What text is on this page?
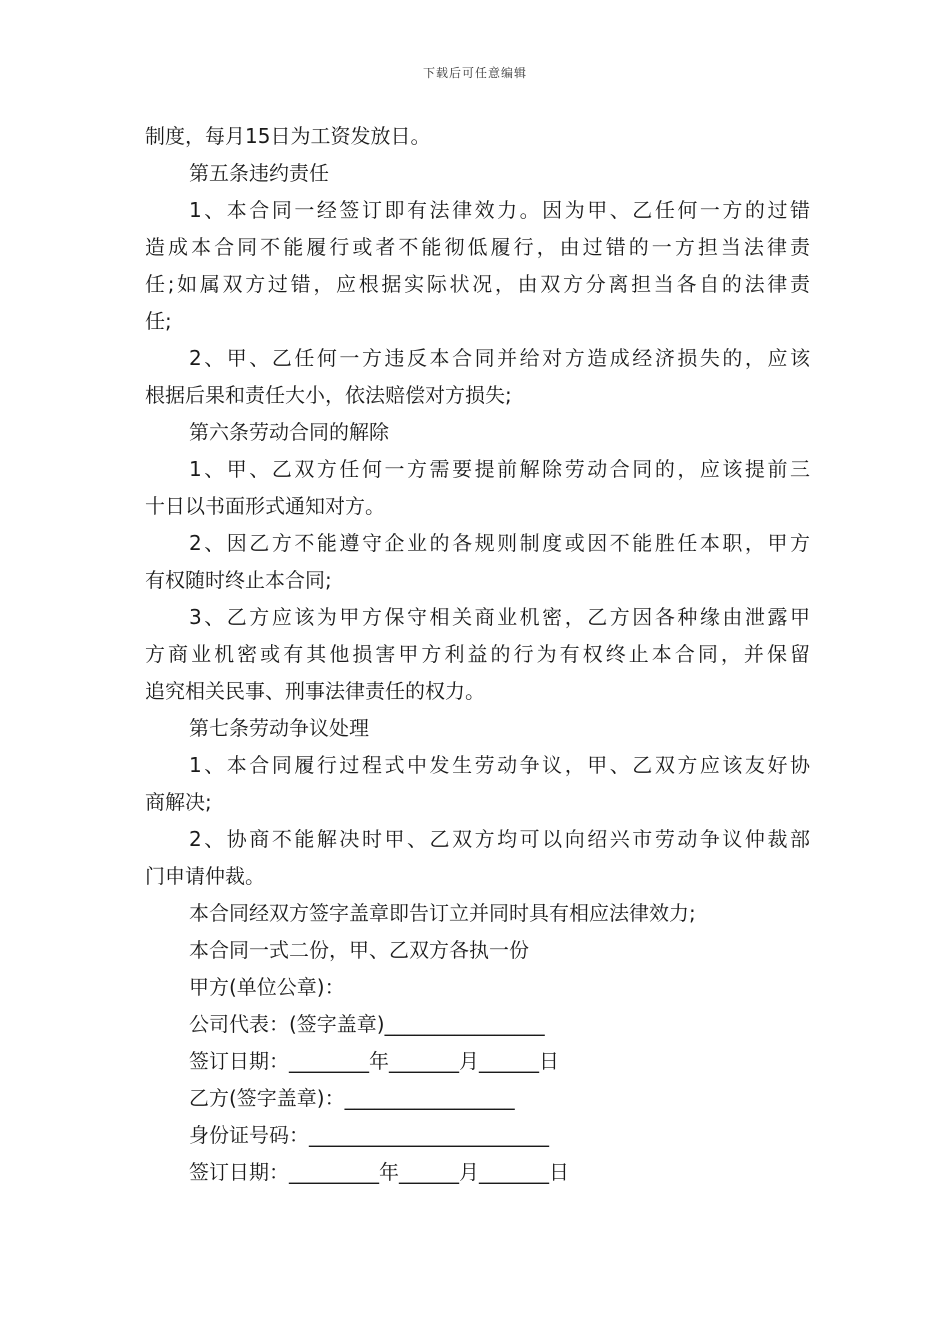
下载后可任意编辑
制度，每月15日为工资发放日。
第五条违约责任
1、本合同一经签订即有法律效力。因为甲、乙任何一方的过错
造成本合同不能履行或者不能彻低履行，由过错的一方担当法律责
任;如属双方过错，应根据实际状况，由双方分离担当各自的法律责
任;
2、甲、乙任何一方违反本合同并给对方造成经济损失的，应该
根据后果和责任大小，依法赔偿对方损失;
第六条劳动合同的解除
1、甲、乙双方任何一方需要提前解除劳动合同的，应该提前三
十日以书面形式通知对方。
2、因乙方不能遵守企业的各规则制度或因不能胜任本职，甲方
有权随时终止本合同;
3、乙方应该为甲方保守相关商业机密，乙方因各种缘由泄露甲
方商业机密或有其他损害甲方利益的行为有权终止本合同，并保留
追究相关民事、刑事法律责任的权力。
第七条劳动争议处理
1、本合同履行过程式中发生劳动争议，甲、乙双方应该友好协
商解决;
2、协商不能解决时甲、乙双方均可以向绍兴市劳动争议仲裁部
门申请仲裁。
本合同经双方签字盖章即告订立并同时具有相应法律效力;
本合同一式二份，甲、乙双方各执一份
甲方(单位公章)：
公司代表：(签字盖章)________________
签订日期：________年_______月______日
乙方(签字盖章)：_________________
身份证号码：________________________
签订日期：_________年______月_______日
